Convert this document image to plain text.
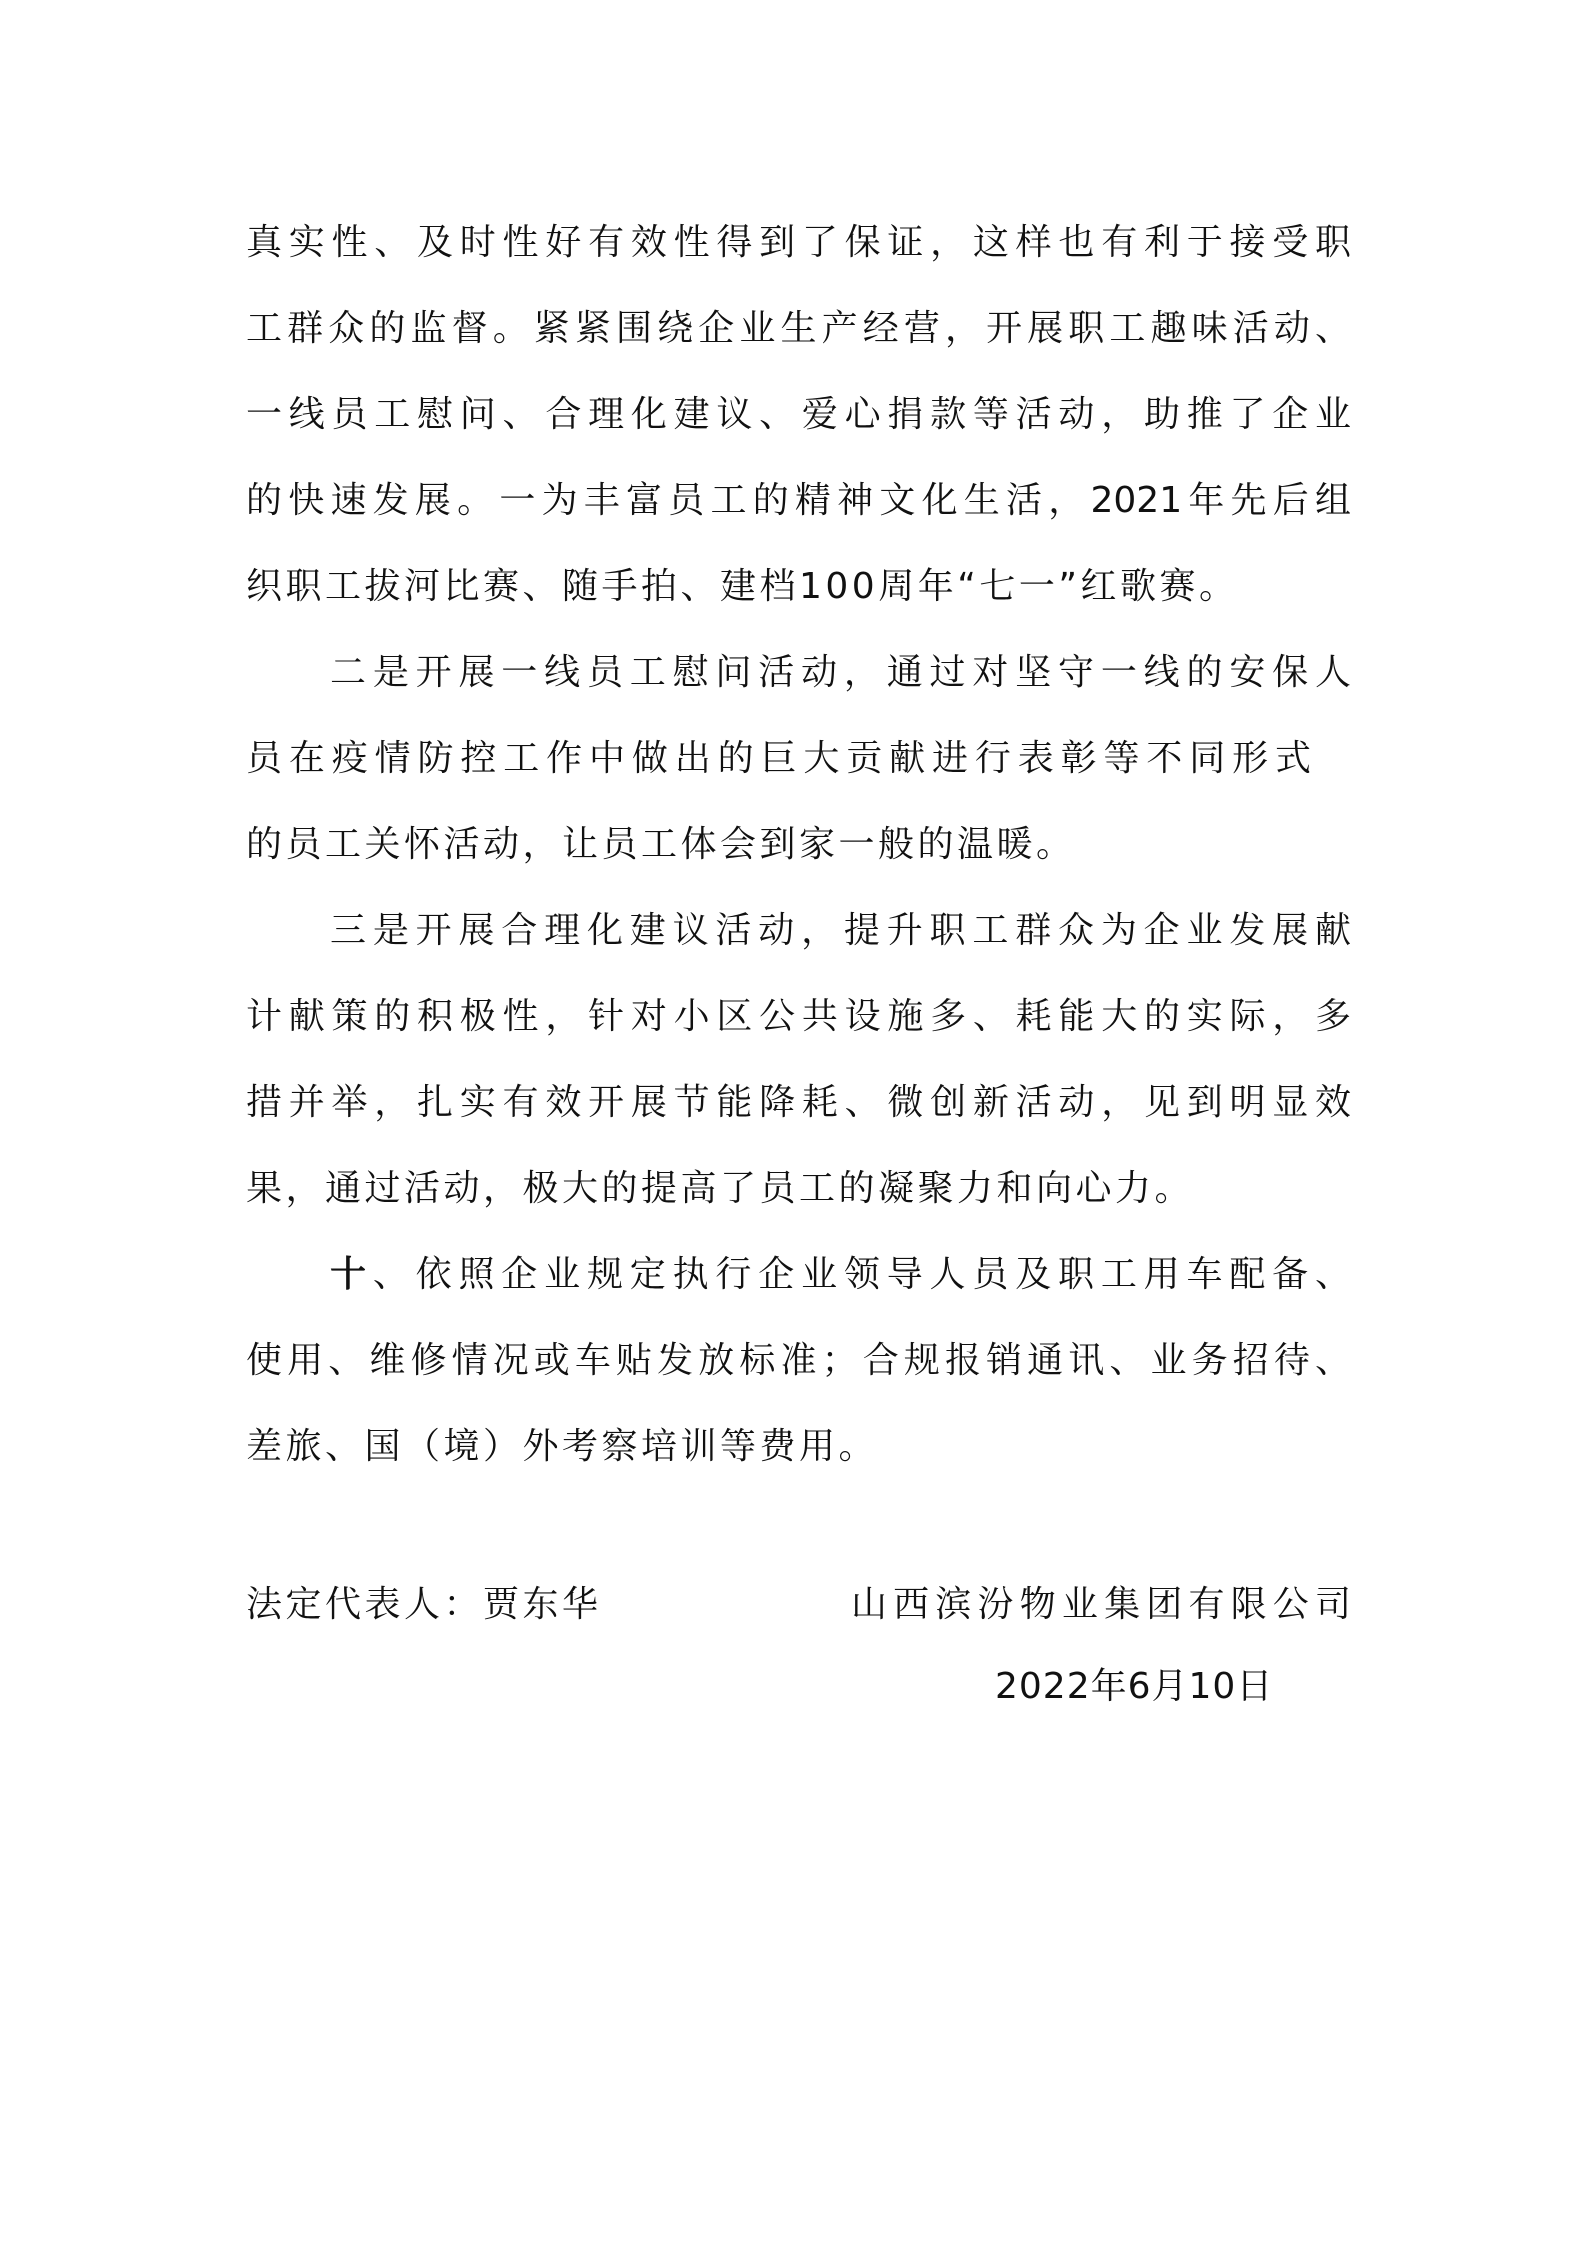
真实性、及时性好有效性得到了保证，这样也有利于接受职
工群众的监督。紧紧围绕企业生产经营，开展职工趣味活动、
一线员工慰问、合理化建议、爱心捐款等活动，助推了企业
的快速发展。一为丰富员工的精神文化生活，2021年先后组
织职工拔河比赛、随手拍、建档100周年“七一”红歌赛。
二是开展一线员工慰问活动，通过对坚守一线的安保人
员在疫情防控工作中做出的巨大贡献进行表彰等不同形式
的员工关怀活动，让员工体会到家一般的温暖。
三是开展合理化建议活动，提升职工群众为企业发展献
计献策的积极性，针对小区公共设施多、耗能大的实际，多
措并举，扎实有效开展节能降耗、微创新活动，见到明显效
果，通过活动，极大的提高了员工的凝聚力和向心力。
十、依照企业规定执行企业领导人员及职工用车配备、
使用、维修情况或车贴发放标准；合规报销通讯、业务招待、
差旅、国（境）外考察培训等费用。
法定代表人：贾东华	山西滨汾物业集团有限公司
2022年6月10日
